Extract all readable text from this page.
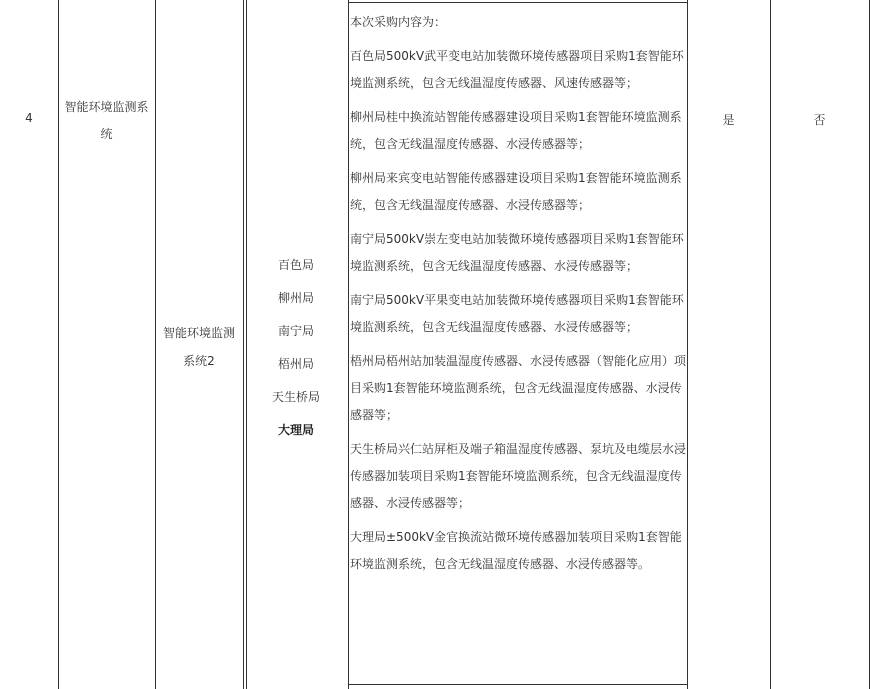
4
智能环境监测系
统
智能环境监测
系统2
百色局
柳州局
南宁局
梧州局
天生桥局
大理局
本次采购内容为：
百色局500kV武平变电站加装微环境传感器项目采购1套智能环境监测系统，包含无线温湿度传感器、风速传感器等；
柳州局桂中换流站智能传感器建设项目采购1套智能环境监测系统，包含无线温湿度传感器、水浸传感器等；
柳州局来宾变电站智能传感器建设项目采购1套智能环境监测系统，包含无线温湿度传感器、水浸传感器等；
南宁局500kV崇左变电站加装微环境传感器项目采购1套智能环境监测系统，包含无线温湿度传感器、水浸传感器等；
南宁局500kV平果变电站加装微环境传感器项目采购1套智能环境监测系统，包含无线温湿度传感器、水浸传感器等；
梧州局梧州站加装温湿度传感器、水浸传感器（智能化应用）项目采购1套智能环境监测系统，包含无线温湿度传感器、水浸传感器等；
天生桥局兴仁站屏柜及端子箱温湿度传感器、泵坑及电缆层水浸传感器加装项目采购1套智能环境监测系统，包含无线温湿度传感器、水浸传感器等；
大理局±500kV金官换流站微环境传感器加装项目采购1套智能环境监测系统，包含无线温湿度传感器、水浸传感器等。
是	否
